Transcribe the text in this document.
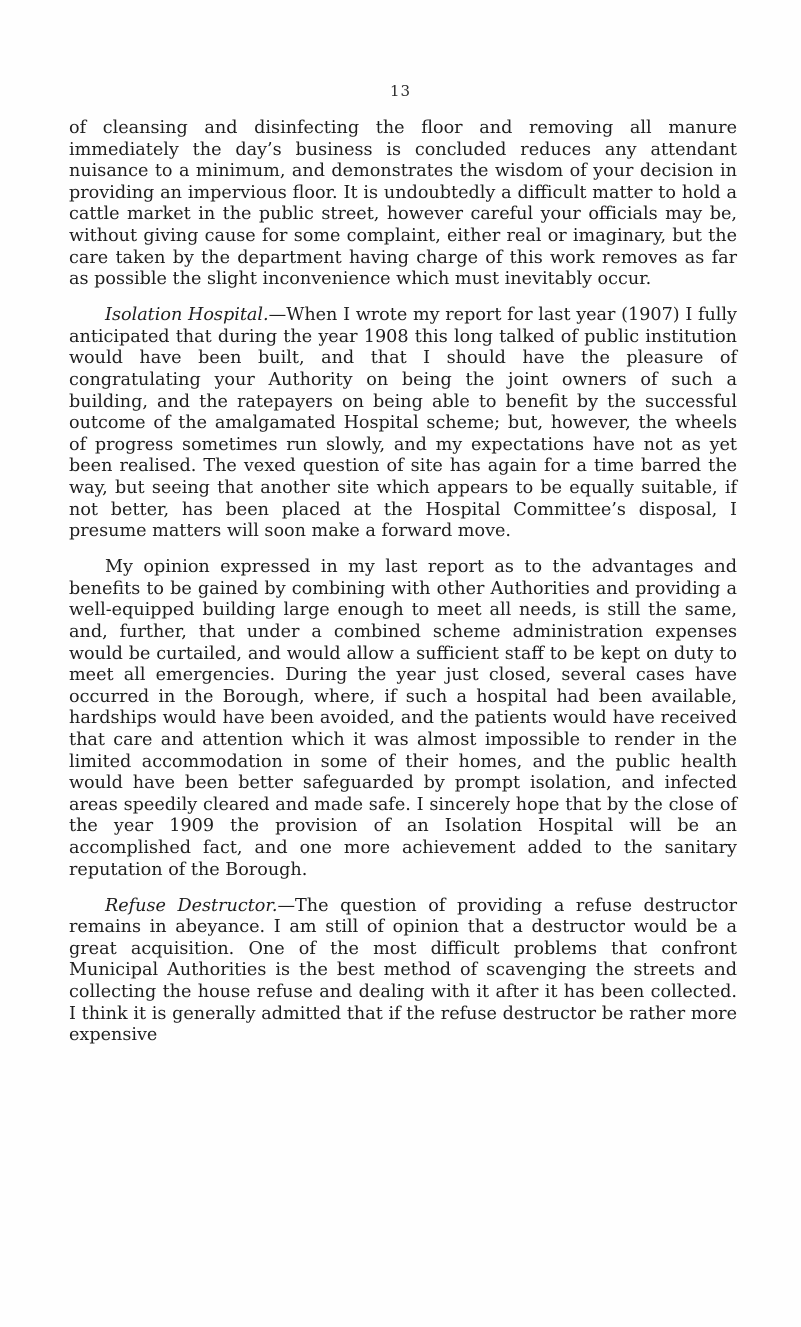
13

of cleansing and disinfecting the floor and removing all manure immediately the day’s business is concluded reduces any attendant nuisance to a minimum, and demonstrates the wisdom of your decision in providing an impervious floor. It is undoubtedly a difficult matter to hold a cattle market in the public street, however careful your officials may be, without giving cause for some complaint, either real or imaginary, but the care taken by the department having charge of this work removes as far as possible the slight inconvenience which must inevitably occur.

Isolation Hospital.—When I wrote my report for last year (1907) I fully anticipated that during the year 1908 this long talked of public institution would have been built, and that I should have the pleasure of congratulating your Authority on being the joint owners of such a building, and the ratepayers on being able to benefit by the successful outcome of the amalgamated Hospital scheme; but, however, the wheels of progress sometimes run slowly, and my expectations have not as yet been realised. The vexed question of site has again for a time barred the way, but seeing that another site which appears to be equally suitable, if not better, has been placed at the Hospital Committee’s disposal, I presume matters will soon make a forward move.

My opinion expressed in my last report as to the advantages and benefits to be gained by combining with other Authorities and providing a well-equipped building large enough to meet all needs, is still the same, and, further, that under a combined scheme administration expenses would be curtailed, and would allow a sufficient staff to be kept on duty to meet all emergencies. During the year just closed, several cases have occurred in the Borough, where, if such a hospital had been available, hardships would have been avoided, and the patients would have received that care and attention which it was almost impossible to render in the limited accommodation in some of their homes, and the public health would have been better safeguarded by prompt isolation, and infected areas speedily cleared and made safe. I sincerely hope that by the close of the year 1909 the provision of an Isolation Hospital will be an accomplished fact, and one more achievement added to the sanitary reputation of the Borough.

Refuse Destructor.—The question of providing a refuse destructor remains in abeyance. I am still of opinion that a destructor would be a great acquisition. One of the most difficult problems that confront Municipal Authorities is the best method of scavenging the streets and collecting the house refuse and dealing with it after it has been collected. I think it is generally admitted that if the refuse destructor be rather more expensive
